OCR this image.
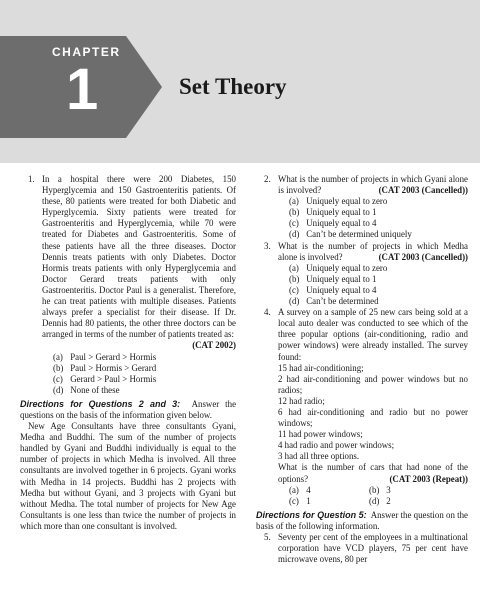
CHAPTER
1	Set Theory
1. In a hospital there were 200 Diabetes, 150 Hyperglycemia and 150 Gastroenteritis patients. Of these, 80 patients were treated for both Diabetic and Hyperglycemia. Sixty patients were treated for Gastroenteritis and Hyperglycemia, while 70 were treated for Diabetes and Gastroenteritis. Some of these patients have all the three diseases. Doctor Dennis treats patients with only Diabetes. Doctor Hormis treats patients with only Hyperglycemia and Doctor Gerard treats patients with only Gastroenteritis. Doctor Paul is a generalist. Therefore, he can treat patients with multiple diseases. Patients always prefer a specialist for their disease. If Dr. Dennis had 80 patients, the other three doctors can be arranged in terms of the number of patients treated as:
(CAT 2002)
(a) Paul > Gerard > Hormis
(b) Paul > Hormis > Gerard
(c) Gerard > Paul > Hormis
(d) None of these

Directions for Questions 2 and 3: Answer the questions on the basis of the information given below.

New Age Consultants have three consultants Gyani, Medha and Buddhi. The sum of the number of projects handled by Gyani and Buddhi individually is equal to the number of projects in which Medha is involved. All three consultants are involved together in 6 projects. Gyani works with Medha in 14 projects. Buddhi has 2 projects with Medha but without Gyani, and 3 projects with Gyani but without Medha. The total number of projects for New Age Consultants is one less than twice the number of projects in which more than one consultant is involved.

2. What is the number of projects in which Gyani alone is involved?	(CAT 2003 (Cancelled))
(a) Uniquely equal to zero
(b) Uniquely equal to 1
(c) Uniquely equal to 4
(d) Can’t be determined uniquely
3. What is the number of projects in which Medha alone is involved?	(CAT 2003 (Cancelled))
(a) Uniquely equal to zero
(b) Uniquely equal to 1
(c) Uniquely equal to 4
(d) Can’t be determined
4. A survey on a sample of 25 new cars being sold at a local auto dealer was conducted to see which of the three popular options (air-conditioning, radio and power windows) were already installed. The survey found:

15 had air-conditioning;

2 had air-conditioning and power windows but no radios;

12 had radio;

6 had air-conditioning and radio but no power windows;

11 had power windows;

4 had radio and power windows;

3 had all three options.

What is the number of cars that had none of the options?	(CAT 2003 (Repeat))

(a) 4	(b) 3
(c) 1	(d) 2

Directions for Question 5: Answer the question on the basis of the following information.

5. Seventy per cent of the employees in a multinational corporation have VCD players, 75 per cent have microwave ovens, 80 per
